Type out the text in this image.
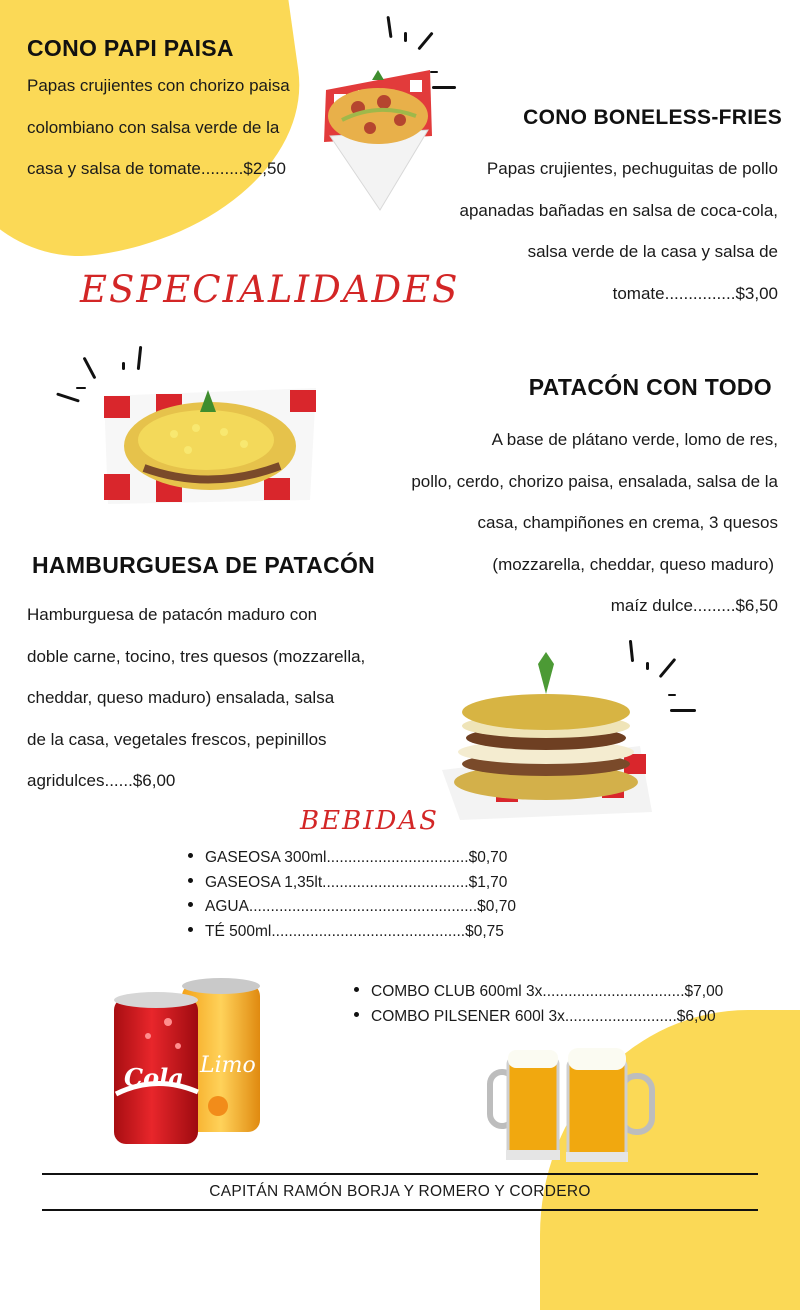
CONO PAPI PAISA
Papas crujientes con chorizo paisa
colombiano con salsa verde de la
casa y salsa de tomate.........$2,50
CONO BONELESS-FRIES
Papas crujientes, pechuguitas de pollo
apanadas bañadas en salsa de coca-cola,
salsa verde de la casa y salsa de
tomate...............$3,00
ESPECIALIDADES
PATACÓN CON TODO
A base de plátano verde, lomo de res,
pollo, cerdo, chorizo paisa, ensalada, salsa de la
casa, champiñones en crema, 3 quesos
(mozzarella, cheddar, queso maduro)
maíz dulce.........$6,50
HAMBURGUESA DE PATACÓN
Hamburguesa de patacón maduro con
doble carne, tocino, tres quesos (mozzarella,
cheddar, queso maduro) ensalada, salsa
de la casa, vegetales frescos, pepinillos
agridulces......$6,00
BEBIDAS
GASEOSA 300ml.................................$0,70
GASEOSA 1,35lt..................................$1,70
AGUA.....................................................$0,70
TÉ 500ml.............................................$0,75
COMBO CLUB 600ml 3x.................................$7,00
COMBO PILSENER 600l 3x..........................$6,00
Limo
Cola
CAPITÁN RAMÓN BORJA Y ROMERO Y CORDERO
